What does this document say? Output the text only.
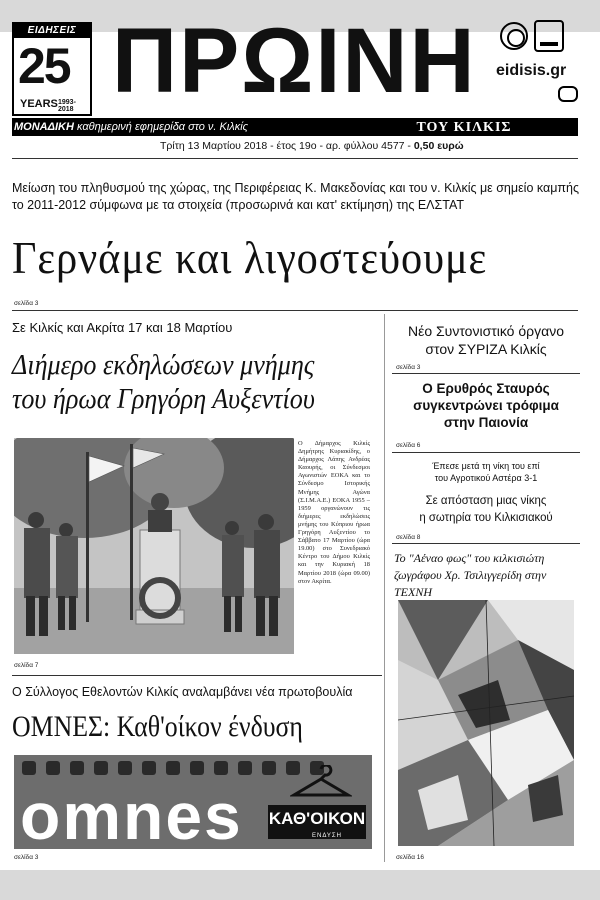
ΕΙΔΗΣΕΙΣ
25
YEARS 1993-2018 ΠΡΩΙΝΗ eidisis.gr
ΜΟΝΑΔΙΚΗ καθημερινή εφημερίδα στο ν. Κιλκίς	ΤΟΥ ΚΙΛΚΙΣ
Τρίτη 13 Μαρτίου 2018 - έτος 19ο - αρ. φύλλου 4577 - 0,50 ευρώ
Μείωση του πληθυσμού της χώρας, της Περιφέρειας Κ. Μακεδονίας και του ν. Κιλκίς με σημείο καμπής το 2011-2012 σύμφωνα με τα στοιχεία (προσωρινά και κατ' εκτίμηση) της ΕΛΣΤΑΤ
Γερνάμε και λιγοστεύουμε
σελίδα 3
Σε Κιλκίς και Ακρίτα 17 και 18 Μαρτίου
Διήμερο εκδηλώσεων μνήμης
του ήρωα Γρηγόρη Αυξεντίου
Ο Δήμαρχος Κιλκίς Δημήτρης Κυριακίδης, ο Δήμαρχος Λάπης Ανδρέας Καουρής, οι Σύνδεσμοι Αγωνιστών ΕΟΚΑ και το Σύνδεσμο Ιστορικής Μνήμης Αγώνα (Σ.Ι.Μ.Α.Ε.) ΕΟΚΑ 1955 – 1959 οργανώνουν τις διήμερες εκδηλώσεις μνήμης του Κύπριου ήρωα Γρηγόρη Αυξεντίου το Σάββατο 17 Μαρτίου (ώρα 19.00) στο Συνεδριακό Κέντρο του Δήμου Κιλκίς και την Κυριακή 18 Μαρτίου 2018 (ώρα 09.00) στον Ακρίτα.
σελίδα 7
Ο Σύλλογος Εθελοντών Κιλκίς αναλαμβάνει νέα πρωτοβουλία
ΟΜΝΕΣ: Καθ'οίκον ένδυση
omnes ΚΑΘ'ΟΙΚΟΝ
ΕΝΔΥΣΗ
σελίδα 3
Νέο Συντονιστικό όργανο
στον ΣΥΡΙΖΑ Κιλκίς
σελίδα 3
Ο Ερυθρός Σταυρός
συγκεντρώνει τρόφιμα
στην Παιονία
σελίδα 6
Έπεσε μετά τη νίκη του επί
του Αγροτικού Αστέρα 3-1
Σε απόσταση μιας νίκης
η σωτηρία του Κιλκισιακού
σελίδα 8
Το "Αέναο φως" του κιλκισιώτη
ζωγράφου Χρ. Τσιλιγγερίδη στην ΤΕΧΝΗ
σελίδα 16
